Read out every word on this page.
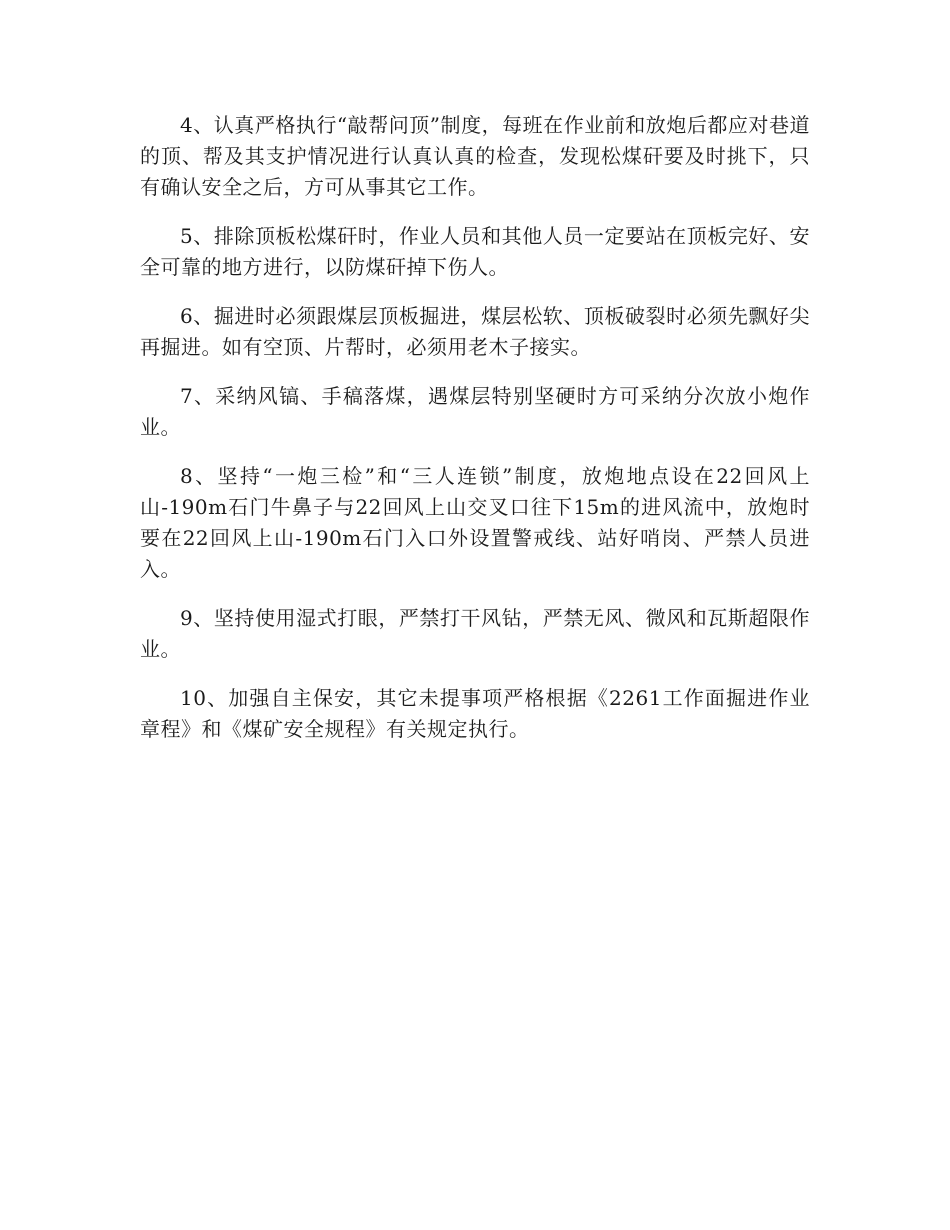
4、认真严格执行“敲帮问顶”制度，每班在作业前和放炮后都应对巷道的顶、帮及其支护情况进行认真认真的检查，发现松煤矸要及时挑下，只有确认安全之后，方可从事其它工作。

5、排除顶板松煤矸时，作业人员和其他人员一定要站在顶板完好、安全可靠的地方进行，以防煤矸掉下伤人。

6、掘进时必须跟煤层顶板掘进，煤层松软、顶板破裂时必须先飘好尖再掘进。如有空顶、片帮时，必须用老木子接实。

7、采纳风镐、手稿落煤，遇煤层特别坚硬时方可采纳分次放小炮作业。

8、坚持“一炮三检”和“三人连锁”制度，放炮地点设在22回风上山-190m石门牛鼻子与22回风上山交叉口往下15m的进风流中，放炮时要在22回风上山-190m石门入口外设置警戒线、站好哨岗、严禁人员进入。

9、坚持使用湿式打眼，严禁打干风钻，严禁无风、微风和瓦斯超限作业。

10、加强自主保安，其它未提事项严格根据《2261工作面掘进作业章程》和《煤矿安全规程》有关规定执行。
